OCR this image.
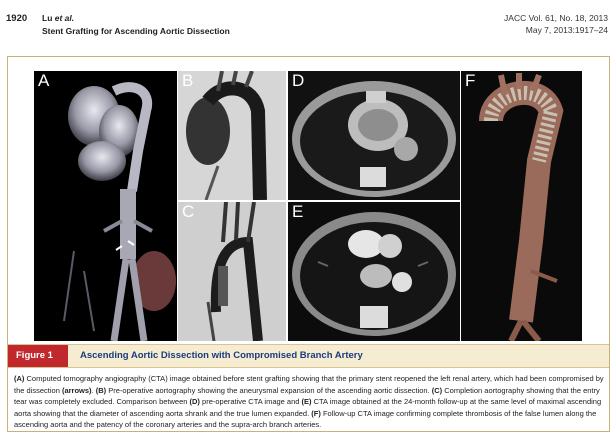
1920 Lu et al.
Stent Grafting for Ascending Aortic Dissection
JACC Vol. 61, No. 18, 2013
May 7, 2013:1917–24
A	B
C
D
E
F
Figure 1	Ascending Aortic Dissection with Compromised Branch Artery
(A) Computed tomography angiography (CTA) image obtained before stent grafting showing that the primary stent reopened the left renal artery, which had been compromised by the dissection (arrows). (B) Pre-operative aortography showing the aneurysmal expansion of the ascending aortic dissection. (C) Completion aortography showing that the entry tear was completely excluded. Comparison between (D) pre-operative CTA image and (E) CTA image obtained at the 24-month follow-up at the same level of maximal ascending aorta showing that the diameter of ascending aorta shrank and the true lumen expanded. (F) Follow-up CTA image confirming complete thrombosis of the false lumen along the ascending aorta and the patency of the coronary arteries and the supra-arch branch arteries.
